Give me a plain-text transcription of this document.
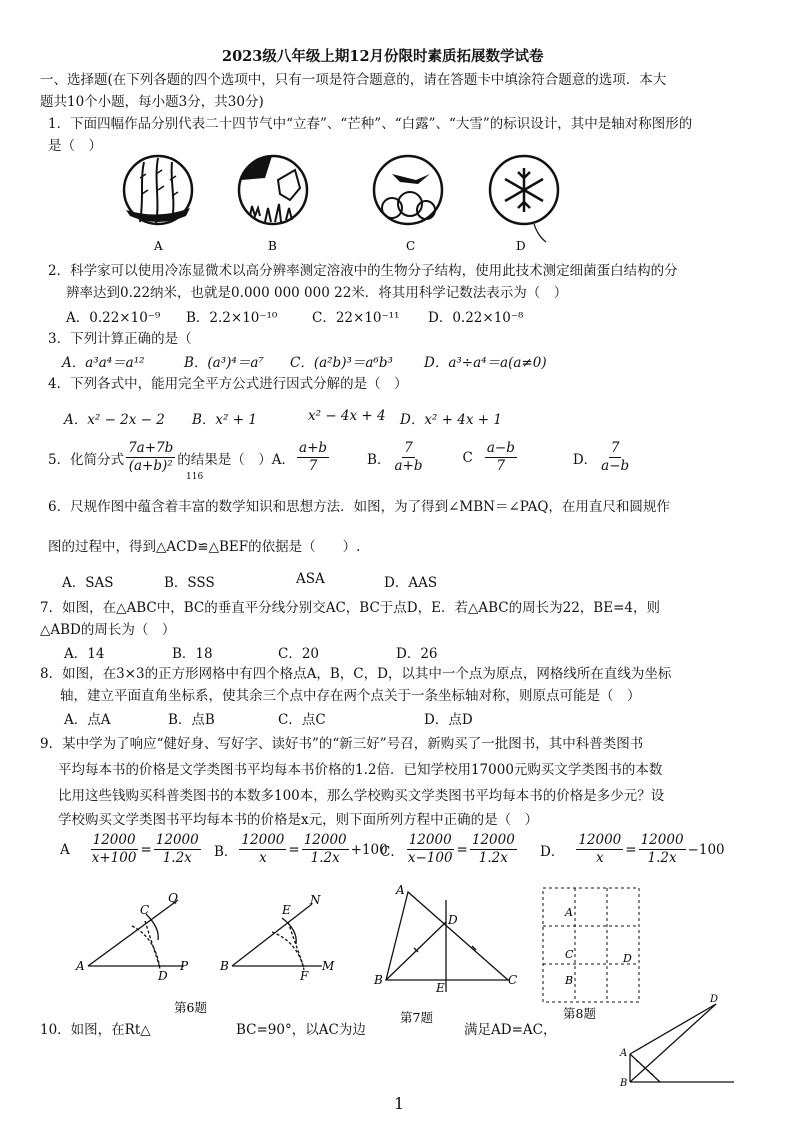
2023级八年级上期12月份限时素质拓展数学试卷
一、选择题(在下列各题的四个选项中，只有一项是符合题意的，请在答题卡中填涂符合题意的选项．本大
题共10个小题，每小题3分，共30分)
1．下面四幅作品分别代表二十四节气中“立春”、“芒种”、“白露”、“大雪”的标识设计，其中是轴对称图形的
是（　）
A	B	C	D
2．科学家可以使用冷冻显微术以高分辨率测定溶液中的生物分子结构，使用此技术测定细菌蛋白结构的分
辨率达到0.22纳米，也就是0.000 000 000 22米．将其用科学记数法表示为（　）
A．0.22×10⁻⁹ B．2.2×10⁻¹⁰	C．22×10⁻¹¹ D．0.22×10⁻⁸
3．下列计算正确的是（
A．a³a⁴＝a¹²	B．(a³)⁴＝a⁷ C．(a²b)³＝a⁶b³ D．a³÷a⁴＝a(a≠0)
4．下列各式中，能用完全平方公式进行因式分解的是（　）
A．x² − 2x − 2 B．x² + 1	x² − 4x + 4 D．x² + 4x + 1
5．化简分式 $\frac{7a+7b}{\text{(a+b)²}}$ 的结果是（　）A． $\frac{a+b}{7}$	B． $\frac{7}{a+b}$	C $\frac{a-b}{7}$	D． $\frac{7}{a-b}$
116
6．尺规作图中蕴含着丰富的数学知识和思想方法．如图，为了得到∠MBN＝∠PAQ，在用直尺和圆规作
图的过程中，得到△ACD≌△BEF的依据是（　　）.
A．SAS	B．SSS	ASA	D．AAS
7．如图，在△ABC中，BC的垂直平分线分别交AC，BC于点D，E．若△ABC的周长为22，BE=4，则
△ABD的周长为（　）
A．14	B．18	C．20	D．26
8．如图，在3×3的正方形网格中有四个格点A，B，C，D，以其中一个点为原点，网格线所在直线为坐标
轴，建立平面直角坐标系，使其余三个点中存在两个点关于一条坐标轴对称，则原点可能是（　）
A．点A	B．点B	C．点C	D．点D
9．某中学为了响应“健好身、写好字、读好书”的“新三好”号召，新购买了一批图书，其中科普类图书
平均每本书的价格是文学类图书平均每本书价格的1.2倍．已知学校用17000元购买文学类图书的本数
比用这些钱购买科普类图书的本数多100本，那么学校购买文学类图书平均每本书的价格是多少元？设
学校购买文学类图书平均每本书的价格是x元，则下面所列方程中正确的是（　）
A $\frac{12000}{x+100} = \frac{12000}{1.2x}$ B． $\frac{12000}{x} = \frac{12000}{1.2x} +100$
C． $\frac{12000}{x-100} = \frac{12000}{1.2x}$ D． $\frac{12000}{x} = \frac{12000}{1.2x} -100$
C
Q
A
D
P
E
N
B
F
M
第6题
A
D
B
E
C
第7题
A
B
C	D
第8题
10．如图，在Rt△	BC=90°，以AC为边	满足AD=AC，
D
A
B
1
